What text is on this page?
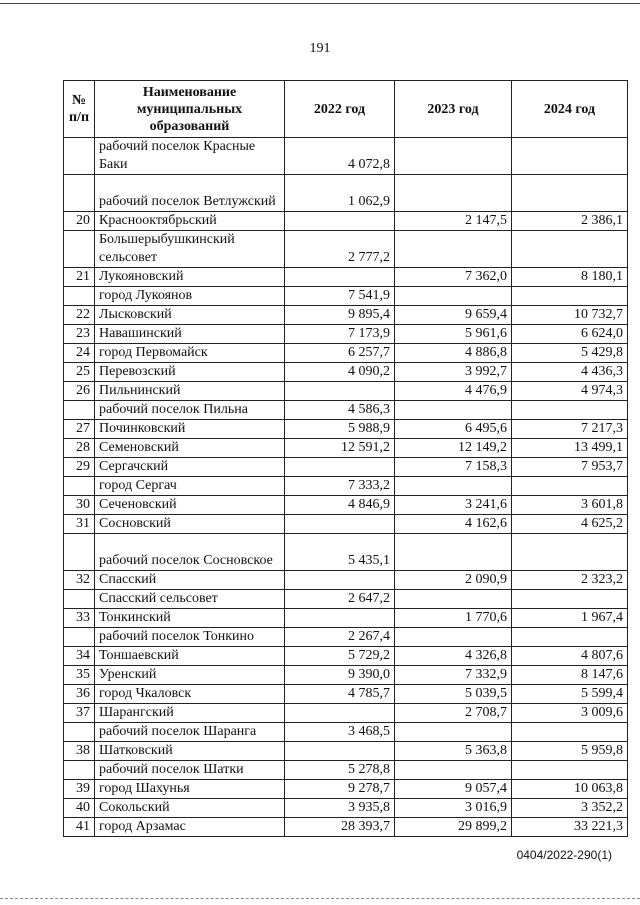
191
№ п/п	Наименование муниципальных образований	2022 год	2023 год	2024 год
	рабочий поселок Красные Баки	4 072,8		
	рабочий поселок Ветлужский	1 062,9		
20	Краснооктябрьский		2 147,5	2 386,1
	Большерыбушкинский сельсовет	2 777,2		
21	Лукояновский		7 362,0	8 180,1
	город Лукоянов	7 541,9		
22	Лысковский	9 895,4	9 659,4	10 732,7
23	Навашинский	7 173,9	5 961,6	6 624,0
24	город Первомайск	6 257,7	4 886,8	5 429,8
25	Перевозский	4 090,2	3 992,7	4 436,3
26	Пильнинский		4 476,9	4 974,3
	рабочий поселок Пильна	4 586,3		
27	Починковский	5 988,9	6 495,6	7 217,3
28	Семеновский	12 591,2	12 149,2	13 499,1
29	Сергачский		7 158,3	7 953,7
	город Сергач	7 333,2		
30	Сеченовский	4 846,9	3 241,6	3 601,8
31	Сосновский		4 162,6	4 625,2
	рабочий поселок Сосновское	5 435,1		
32	Спасский		2 090,9	2 323,2
	Спасский сельсовет	2 647,2		
33	Тонкинский		1 770,6	1 967,4
	рабочий поселок Тонкино	2 267,4		
34	Тоншаевский	5 729,2	4 326,8	4 807,6
35	Уренский	9 390,0	7 332,9	8 147,6
36	город Чкаловск	4 785,7	5 039,5	5 599,4
37	Шарангский		2 708,7	3 009,6
	рабочий поселок Шаранга	3 468,5		
38	Шатковский		5 363,8	5 959,8
	рабочий поселок Шатки	5 278,8		
39	город Шахунья	9 278,7	9 057,4	10 063,8
40	Сокольский	3 935,8	3 016,9	3 352,2
41	город Арзамас	28 393,7	29 899,2	33 221,3
0404/2022-290(1)
